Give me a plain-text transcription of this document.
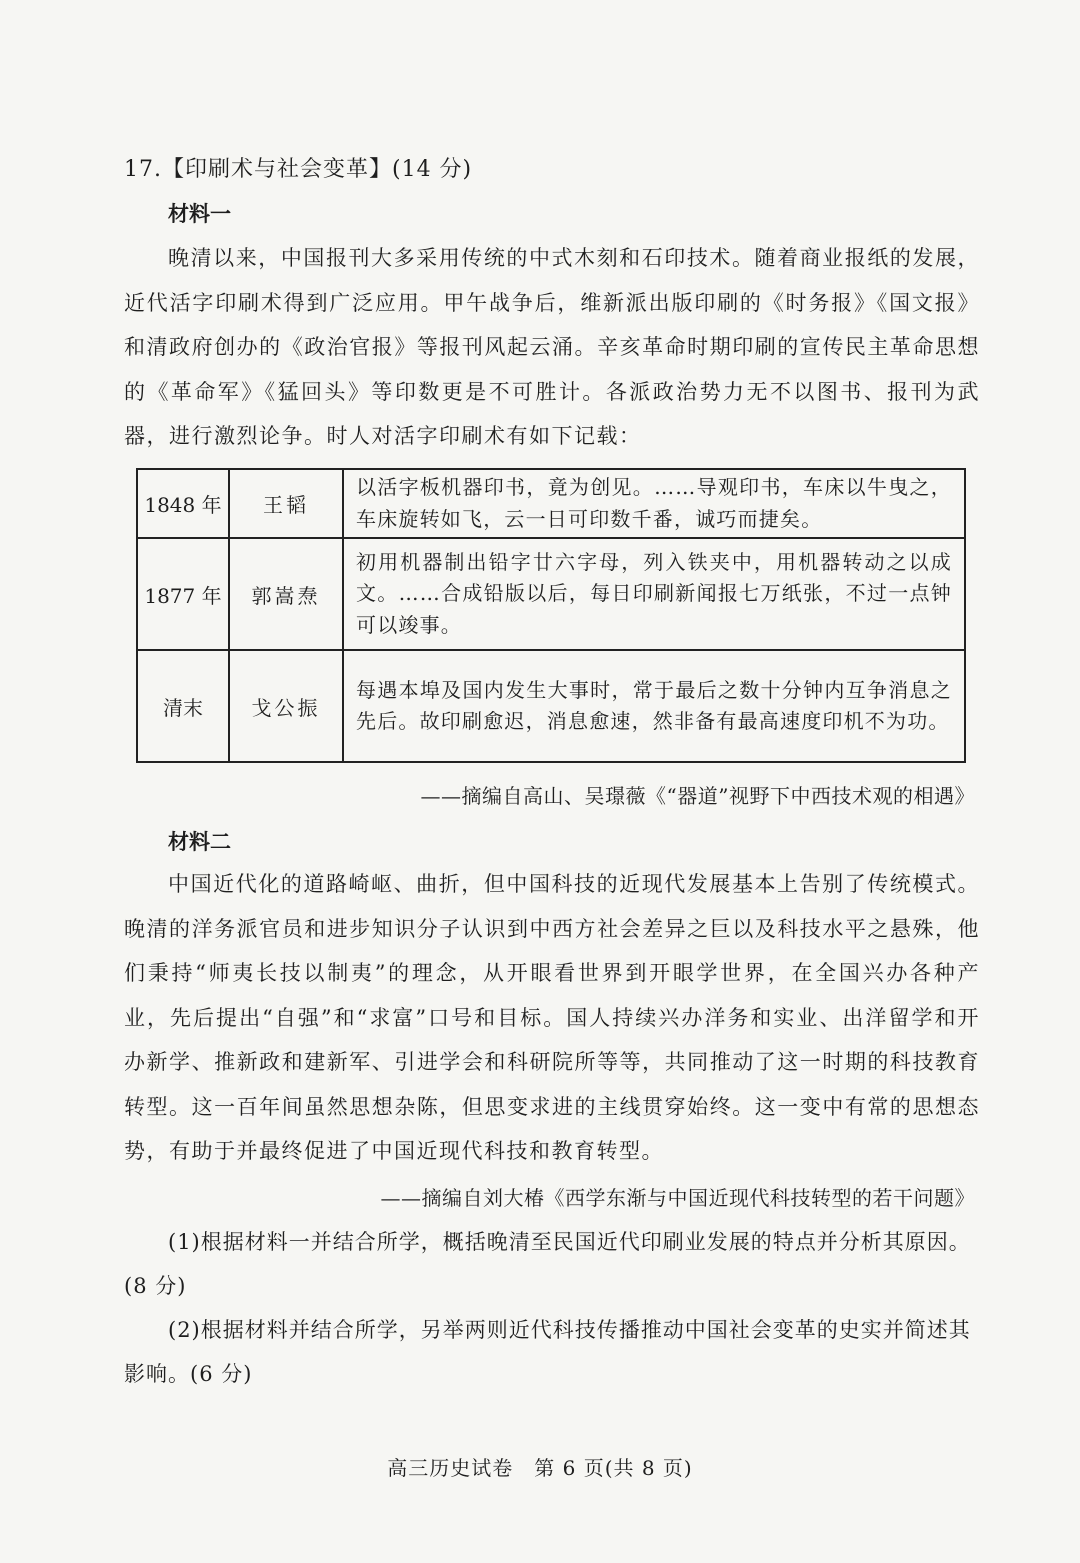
17.【印刷术与社会变革】(14 分)
材料一
晚清以来，中国报刊大多采用传统的中式木刻和石印技术。随着商业报纸的发展，近代活字印刷术得到广泛应用。甲午战争后，维新派出版印刷的《时务报》《国文报》和清政府创办的《政治官报》等报刊风起云涌。辛亥革命时期印刷的宣传民主革命思想的《革命军》《猛回头》等印数更是不可胜计。各派政治势力无不以图书、报刊为武器，进行激烈论争。时人对活字印刷术有如下记载：
1848 年	王韬	以活字板机器印书，竟为创见。……导观印书，车床以牛曳之，车床旋转如飞，云一日可印数千番，诚巧而捷矣。
1877 年	郭嵩焘	初用机器制出铅字廿六字母，列入铁夹中，用机器转动之以成文。……合成铅版以后，每日印刷新闻报七万纸张，不过一点钟可以竣事。
清末	戈公振	每遇本埠及国内发生大事时，常于最后之数十分钟内互争消息之先后。故印刷愈迟，消息愈速，然非备有最高速度印机不为功。
——摘编自高山、吴璟薇《“器道”视野下中西技术观的相遇》
材料二
中国近代化的道路崎岖、曲折，但中国科技的近现代发展基本上告别了传统模式。晚清的洋务派官员和进步知识分子认识到中西方社会差异之巨以及科技水平之悬殊，他们秉持“师夷长技以制夷”的理念，从开眼看世界到开眼学世界，在全国兴办各种产业，先后提出“自强”和“求富”口号和目标。国人持续兴办洋务和实业、出洋留学和开办新学、推新政和建新军、引进学会和科研院所等等，共同推动了这一时期的科技教育转型。这一百年间虽然思想杂陈，但思变求进的主线贯穿始终。这一变中有常的思想态势，有助于并最终促进了中国近现代科技和教育转型。
——摘编自刘大椿《西学东渐与中国近现代科技转型的若干问题》
(1)根据材料一并结合所学，概括晚清至民国近代印刷业发展的特点并分析其原因。(8 分)
(2)根据材料并结合所学，另举两则近代科技传播推动中国社会变革的史实并简述其影响。(6 分)
高三历史试卷　第 6 页(共 8 页)
